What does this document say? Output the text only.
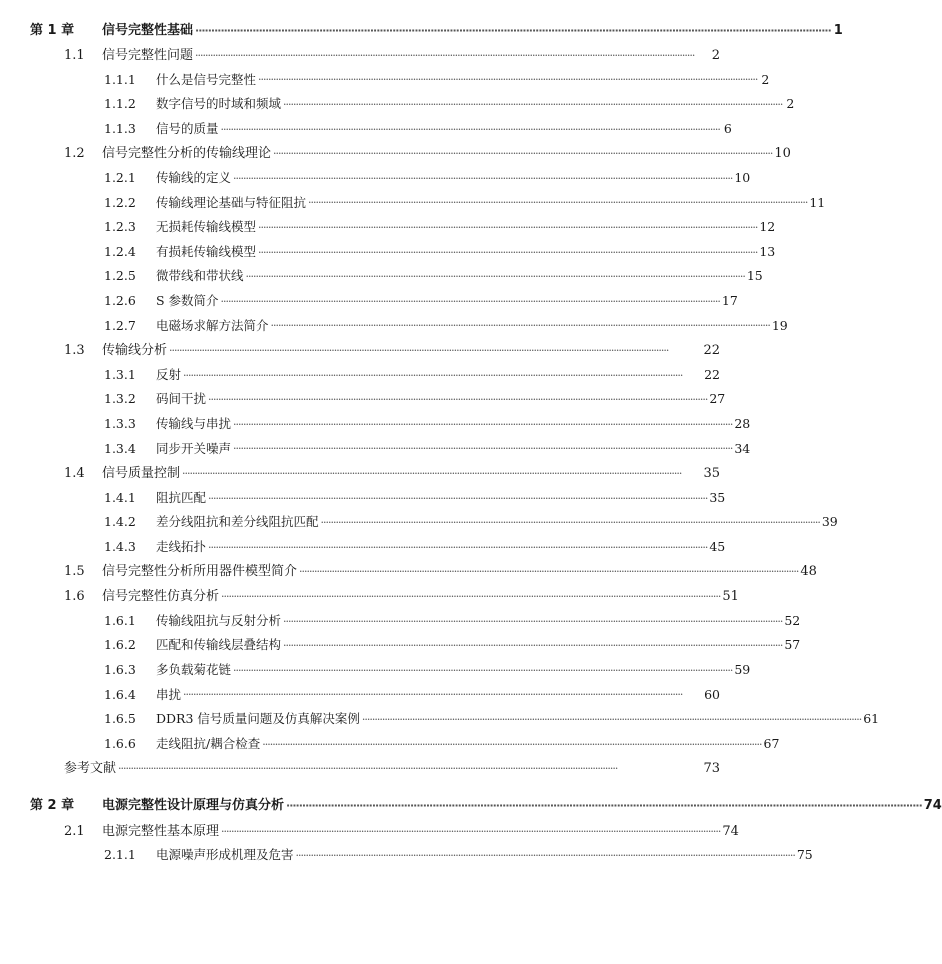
第 1 章	信号完整性基础 ········································································································································································································ 1
1.1	信号完整性问题 ········································································································································································································	2
1.1.1	什么是信号完整性 ········································································································································································································ 2
1.1.2	数字信号的时域和频域 ········································································································································································································ 2
1.1.3	信号的质量 ········································································································································································································ 6
1.2	信号完整性分析的传输线理论 ········································································································································································································ 10
1.2.1	传输线的定义 ········································································································································································································ 10
1.2.2	传输线理论基础与特征阻抗 ········································································································································································································ 11
1.2.3	无损耗传输线模型 ········································································································································································································ 12
1.2.4	有损耗传输线模型 ········································································································································································································ 13
1.2.5	微带线和带状线 ········································································································································································································ 15
1.2.6	S 参数简介 ········································································································································································································ 17
1.2.7	电磁场求解方法简介 ········································································································································································································ 19
1.3	传输线分析 ········································································································································································································	22
1.3.1	反射 ········································································································································································································	22
1.3.2	码间干扰 ········································································································································································································ 27
1.3.3	传输线与串扰 ········································································································································································································ 28
1.3.4	同步开关噪声 ········································································································································································································ 34
1.4	信号质量控制 ········································································································································································································	35
1.4.1	阻抗匹配 ········································································································································································································ 35
1.4.2	差分线阻抗和差分线阻抗匹配 ········································································································································································································ 39
1.4.3	走线拓扑 ········································································································································································································ 45
1.5	信号完整性分析所用器件模型简介 ········································································································································································································ 48
1.6	信号完整性仿真分析 ········································································································································································································ 51
1.6.1	传输线阻抗与反射分析 ········································································································································································································ 52
1.6.2	匹配和传输线层叠结构 ········································································································································································································ 57
1.6.3	多负载菊花链 ········································································································································································································ 59
1.6.4	串扰 ········································································································································································································	60
1.6.5	DDR3 信号质量问题及仿真解决案例 ········································································································································································································ 61
1.6.6	走线阻抗/耦合检查 ········································································································································································································ 67
参考文献 ········································································································································································································	73
第 2 章	电源完整性设计原理与仿真分析 ········································································································································································································ 74
2.1	电源完整性基本原理 ········································································································································································································ 74
2.1.1	电源噪声形成机理及危害 ········································································································································································································ 75
